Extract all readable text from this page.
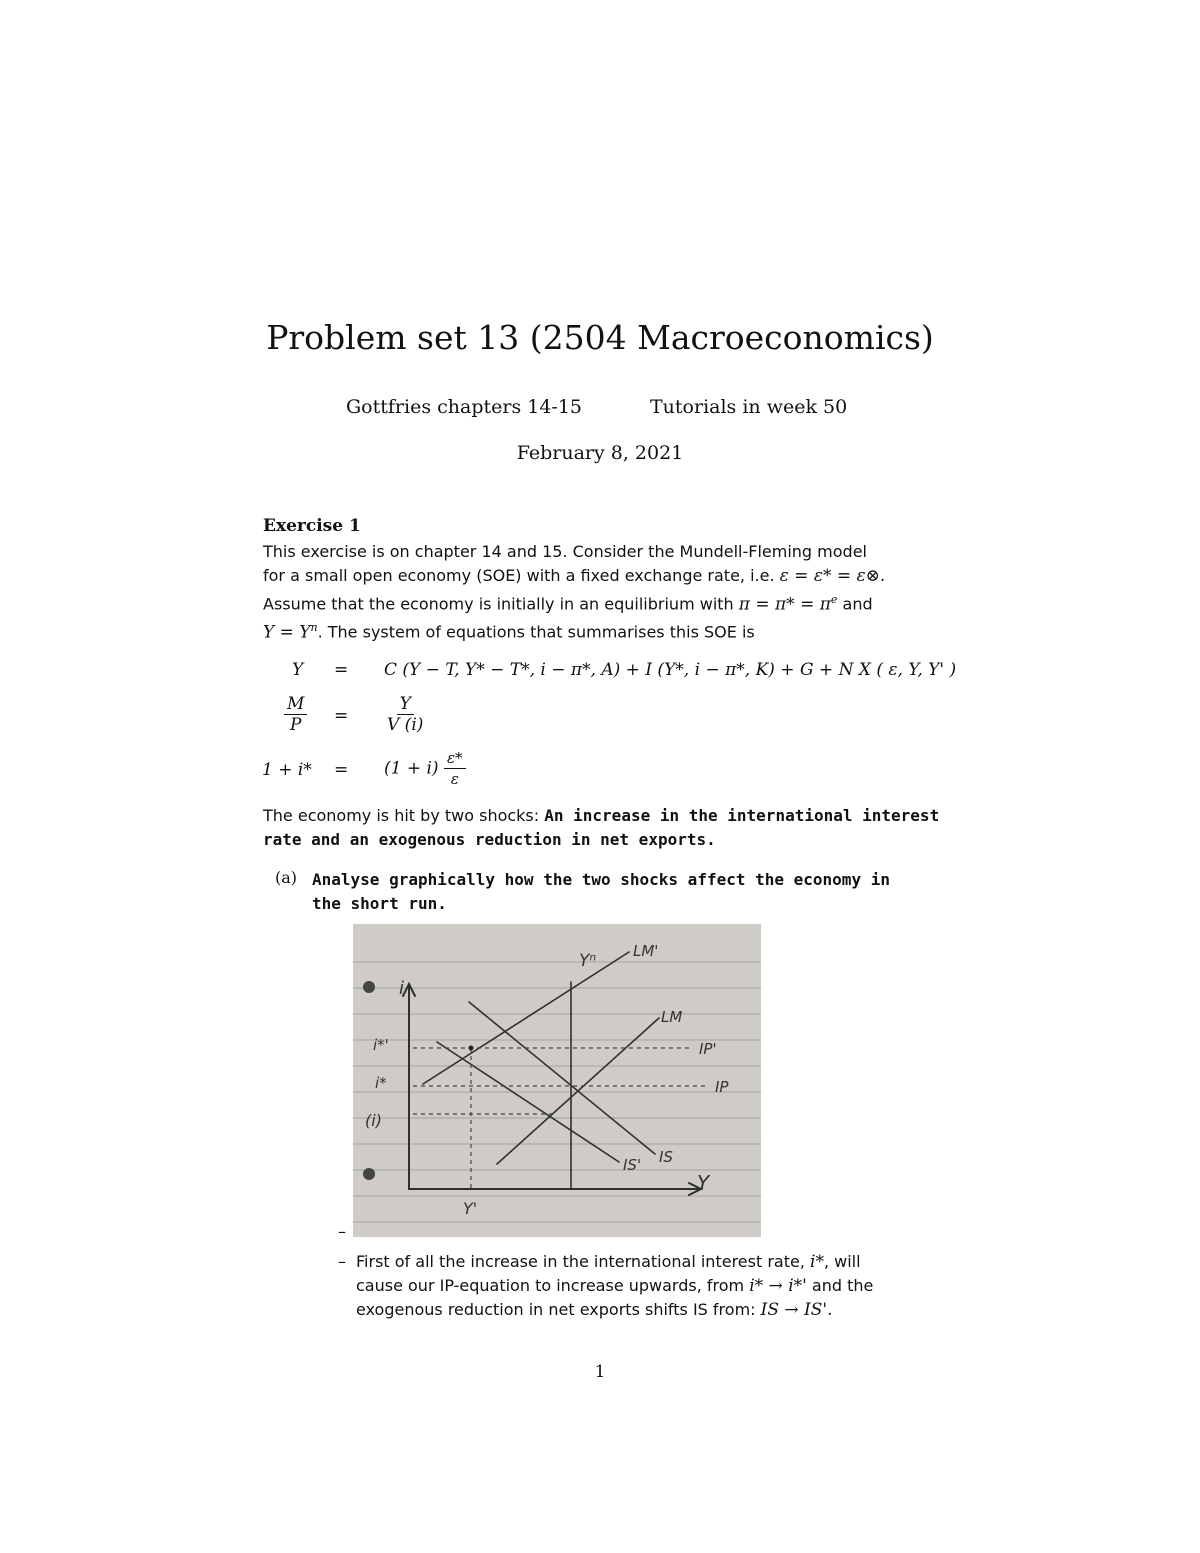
Problem set 13 (2504 Macroeconomics)
Gottfries chapters 14-15	Tutorials in week 50
February 8, 2021
Exercise 1
This exercise is on chapter 14 and 15. Consider the Mundell-Fleming model
for a small open economy (SOE) with a fixed exchange rate, i.e. ε = ε* = ε⊗.
Assume that the economy is initially in an equilibrium with $\pi = \pi* = \pi^e$ and
$Y = Y^n$. The system of equations that summarises this SOE is
Y = C (Y − T, Y* − T*, i − π*, A) + I (Y*, i − π*, K) + G + N X ( ε, Y, Y' )
$\frac{M}{P} = \frac{Y}{V (i)}$
$1 + i* = (1 + i) \frac{\varepsilon*}{\varepsilon}$
The economy is hit by two shocks: An increase in the international interest
rate and an exogenous reduction in net exports.
(a) Analyse graphically how the two shocks affect the economy in
the short run.
i
Y
Yⁿ LM'
LM
IP'
IP
IS' IS
i*'
i*
(i)
Y'
–
– First of all the increase in the international interest rate, i*, will
cause our IP-equation to increase upwards, from i* → i*' and the
exogenous reduction in net exports shifts IS from: IS → IS'.
1
